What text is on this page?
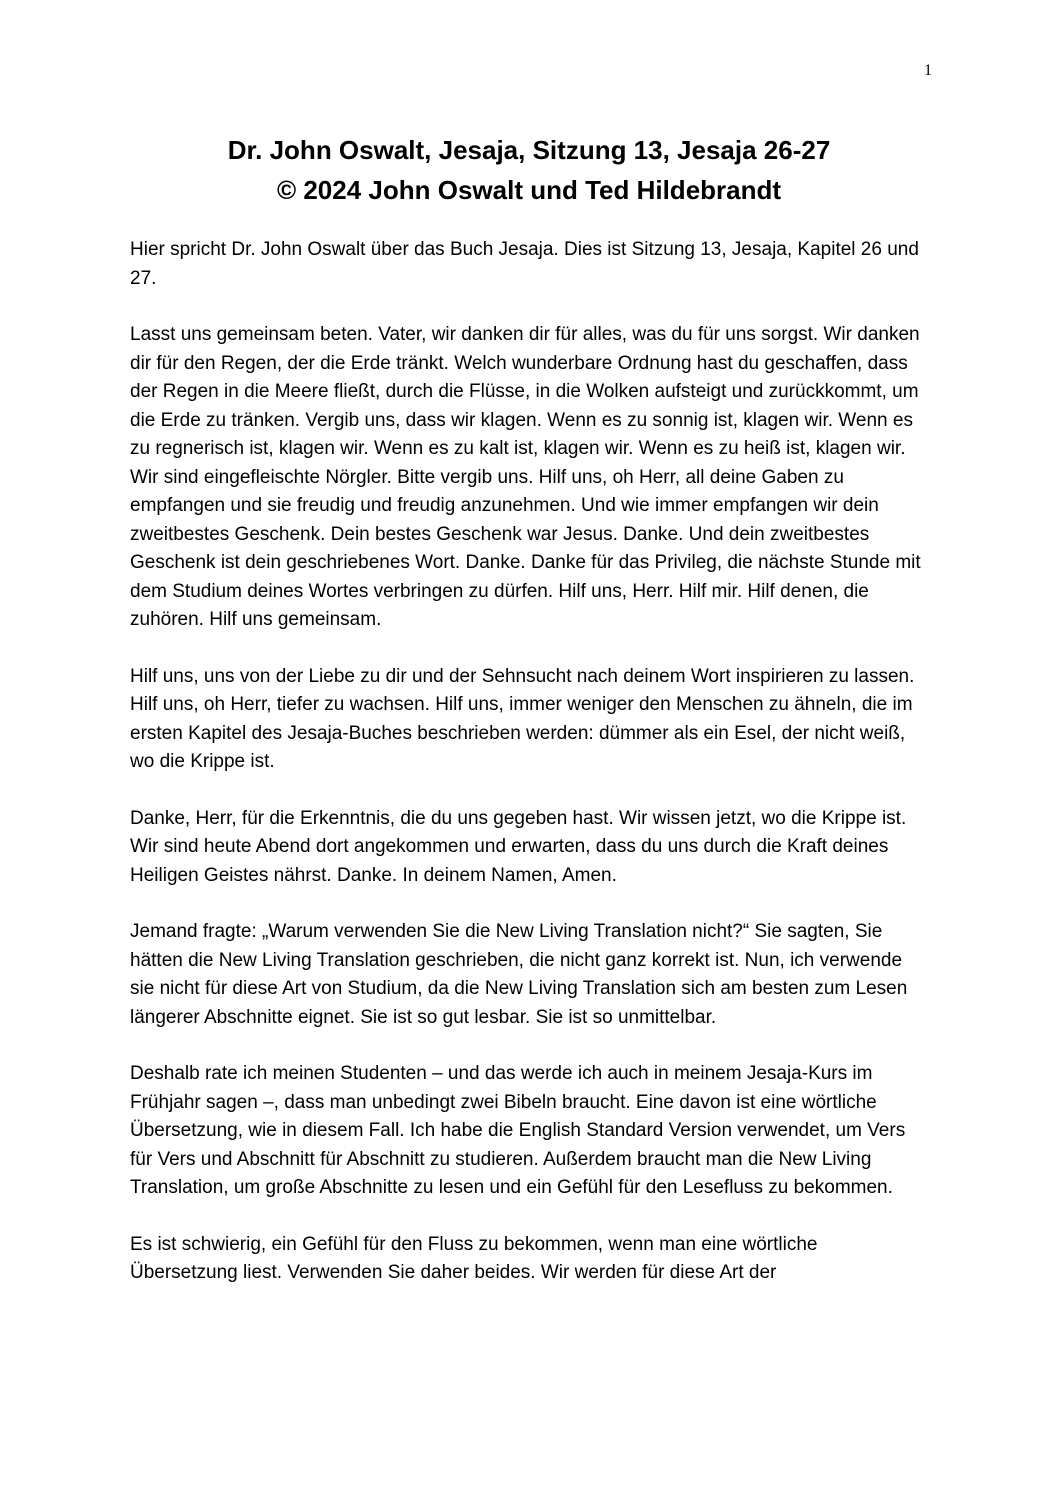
1
Dr. John Oswalt, Jesaja, Sitzung 13, Jesaja 26-27
© 2024 John Oswalt und Ted Hildebrandt

Hier spricht Dr. John Oswalt über das Buch Jesaja. Dies ist Sitzung 13, Jesaja, Kapitel 26 und 27.

Lasst uns gemeinsam beten. Vater, wir danken dir für alles, was du für uns sorgst. Wir danken dir für den Regen, der die Erde tränkt. Welch wunderbare Ordnung hast du geschaffen, dass der Regen in die Meere fließt, durch die Flüsse, in die Wolken aufsteigt und zurückkommt, um die Erde zu tränken. Vergib uns, dass wir klagen. Wenn es zu sonnig ist, klagen wir. Wenn es zu regnerisch ist, klagen wir. Wenn es zu kalt ist, klagen wir. Wenn es zu heiß ist, klagen wir. Wir sind eingefleischte Nörgler. Bitte vergib uns. Hilf uns, oh Herr, all deine Gaben zu empfangen und sie freudig und freudig anzunehmen. Und wie immer empfangen wir dein zweitbestes Geschenk. Dein bestes Geschenk war Jesus. Danke. Und dein zweitbestes Geschenk ist dein geschriebenes Wort. Danke. Danke für das Privileg, die nächste Stunde mit dem Studium deines Wortes verbringen zu dürfen. Hilf uns, Herr. Hilf mir. Hilf denen, die zuhören. Hilf uns gemeinsam.

Hilf uns, uns von der Liebe zu dir und der Sehnsucht nach deinem Wort inspirieren zu lassen. Hilf uns, oh Herr, tiefer zu wachsen. Hilf uns, immer weniger den Menschen zu ähneln, die im ersten Kapitel des Jesaja-Buches beschrieben werden: dümmer als ein Esel, der nicht weiß, wo die Krippe ist.

Danke, Herr, für die Erkenntnis, die du uns gegeben hast. Wir wissen jetzt, wo die Krippe ist. Wir sind heute Abend dort angekommen und erwarten, dass du uns durch die Kraft deines Heiligen Geistes nährst. Danke. In deinem Namen, Amen.

Jemand fragte: „Warum verwenden Sie die New Living Translation nicht?“ Sie sagten, Sie hätten die New Living Translation geschrieben, die nicht ganz korrekt ist. Nun, ich verwende sie nicht für diese Art von Studium, da die New Living Translation sich am besten zum Lesen längerer Abschnitte eignet. Sie ist so gut lesbar. Sie ist so unmittelbar.

Deshalb rate ich meinen Studenten – und das werde ich auch in meinem Jesaja-Kurs im Frühjahr sagen –, dass man unbedingt zwei Bibeln braucht. Eine davon ist eine wörtliche Übersetzung, wie in diesem Fall. Ich habe die English Standard Version verwendet, um Vers für Vers und Abschnitt für Abschnitt zu studieren. Außerdem braucht man die New Living Translation, um große Abschnitte zu lesen und ein Gefühl für den Lesefluss zu bekommen.

Es ist schwierig, ein Gefühl für den Fluss zu bekommen, wenn man eine wörtliche Übersetzung liest. Verwenden Sie daher beides. Wir werden für diese Art der
